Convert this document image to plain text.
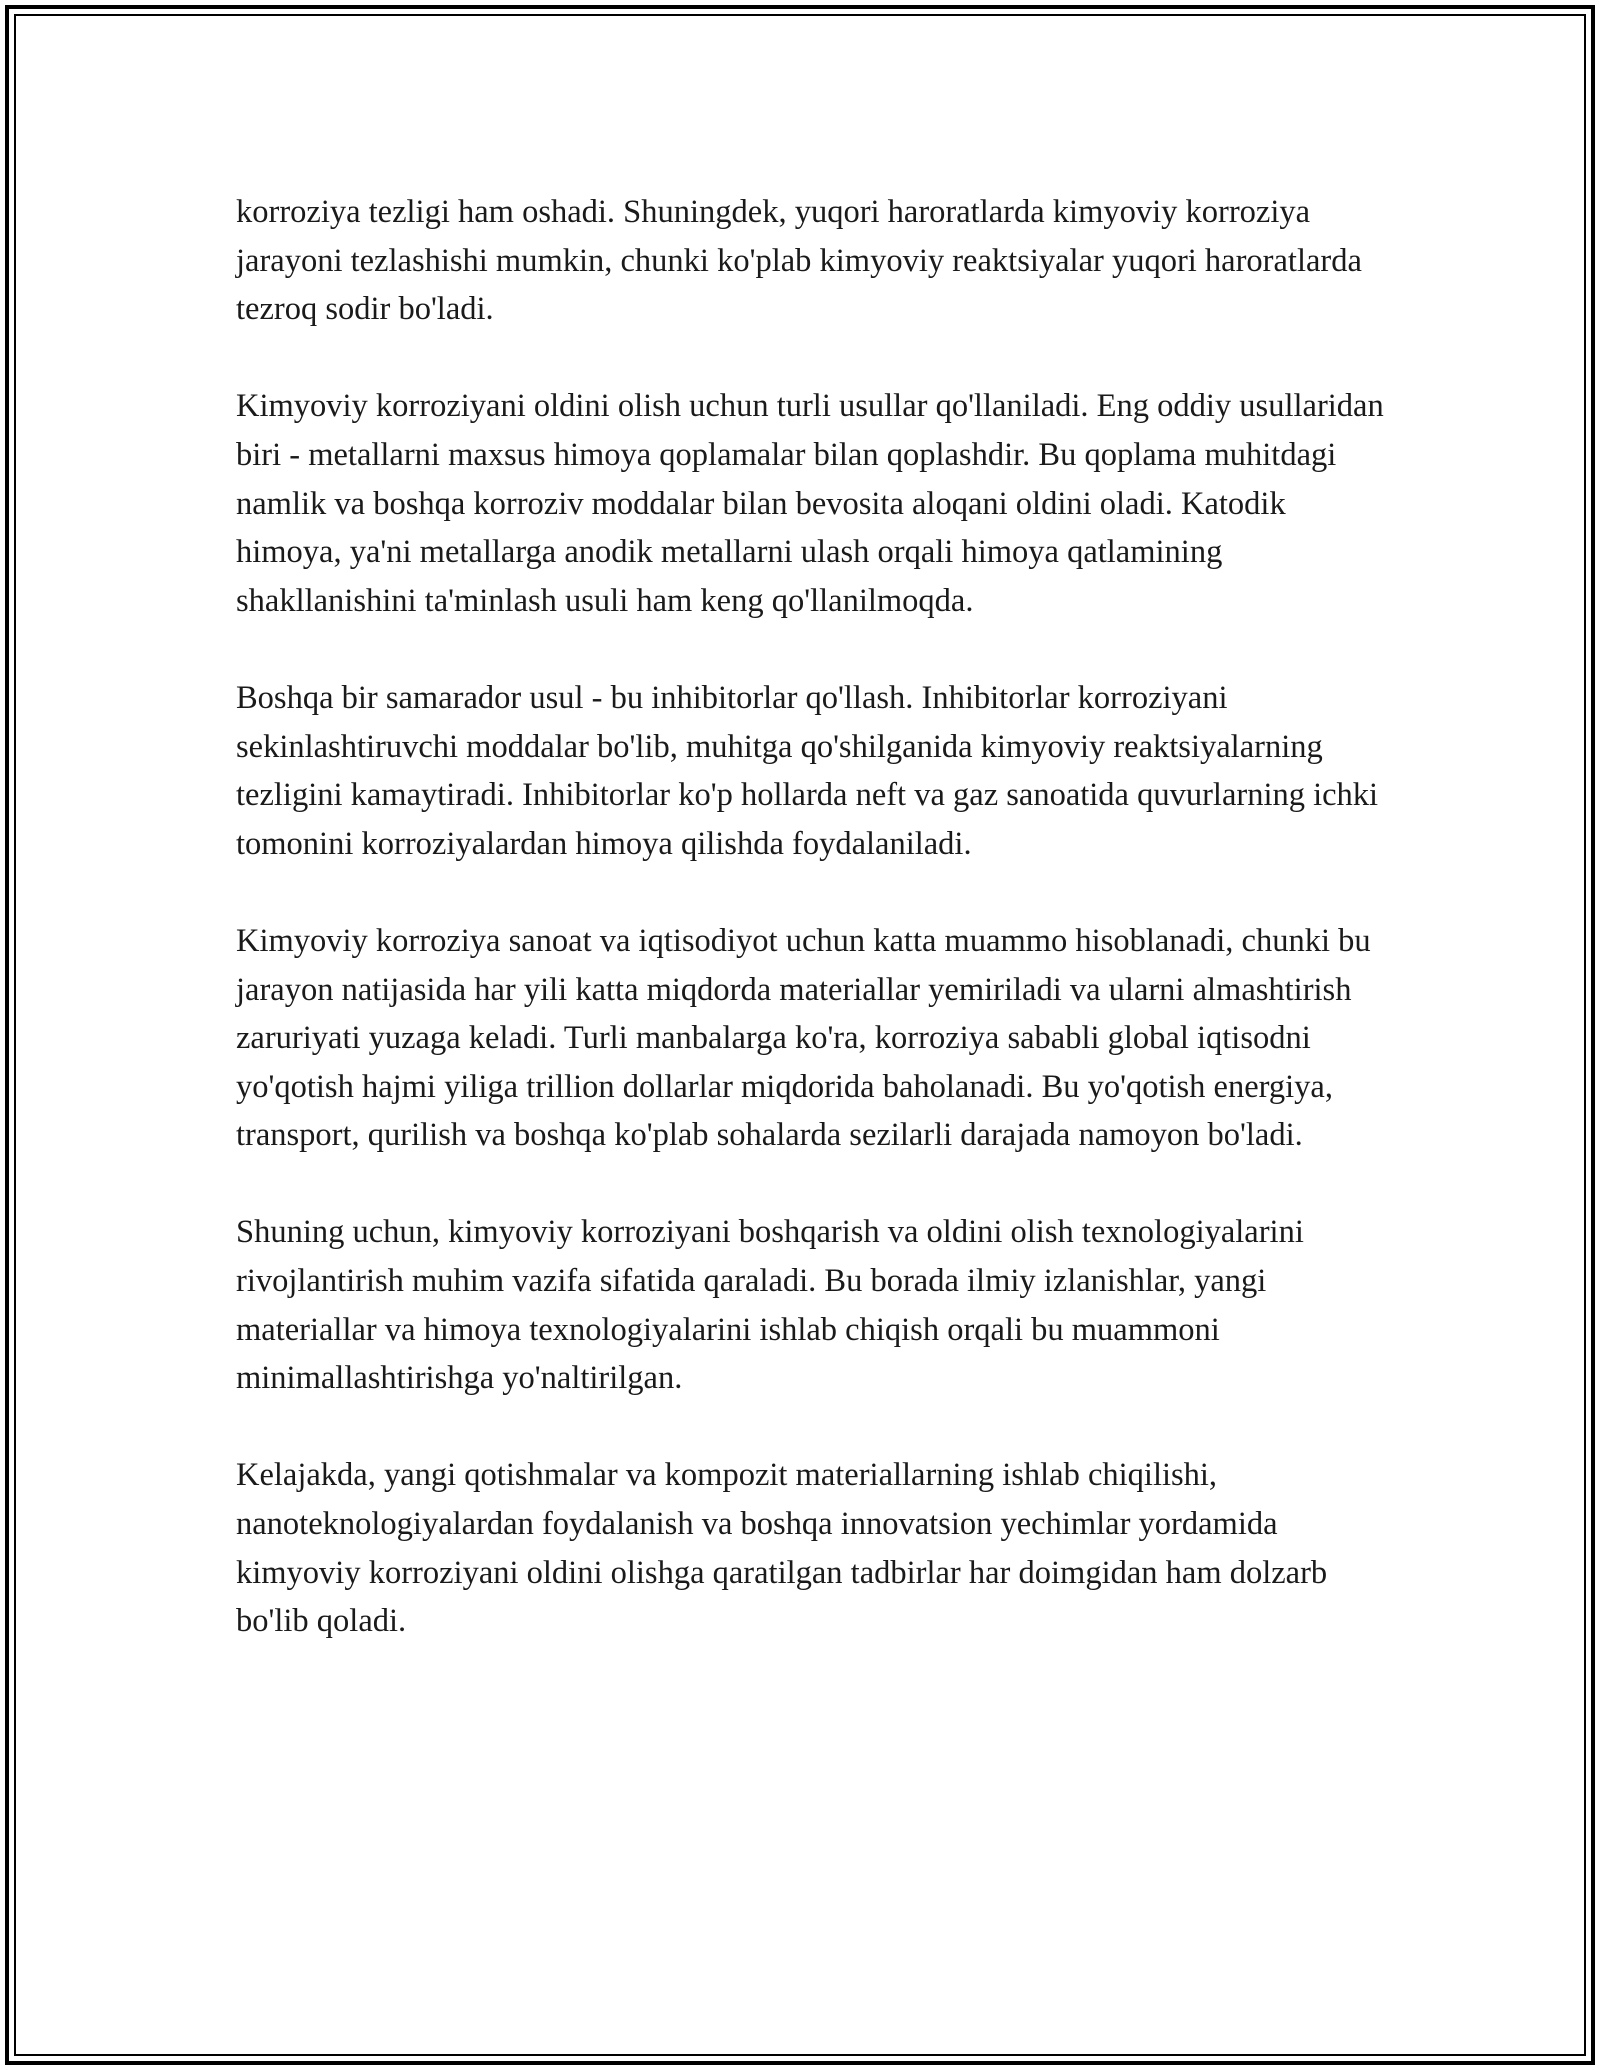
korroziya tezligi ham oshadi. Shuningdek, yuqori haroratlarda kimyoviy korroziya jarayoni tezlashishi mumkin, chunki ko'plab kimyoviy reaktsiyalar yuqori haroratlarda tezroq sodir bo'ladi.

Kimyoviy korroziyani oldini olish uchun turli usullar qo'llaniladi. Eng oddiy usullaridan biri - metallarni maxsus himoya qoplamalar bilan qoplashdir. Bu qoplama muhitdagi namlik va boshqa korroziv moddalar bilan bevosita aloqani oldini oladi. Katodik himoya, ya'ni metallarga anodik metallarni ulash orqali himoya qatlamining shakllanishini ta'minlash usuli ham keng qo'llanilmoqda.

Boshqa bir samarador usul - bu inhibitorlar qo'llash. Inhibitorlar korroziyani sekinlashtiruvchi moddalar bo'lib, muhitga qo'shilganida kimyoviy reaktsiyalarning tezligini kamaytiradi. Inhibitorlar ko'p hollarda neft va gaz sanoatida quvurlarning ichki tomonini korroziyalardan himoya qilishda foydalaniladi.

Kimyoviy korroziya sanoat va iqtisodiyot uchun katta muammo hisoblanadi, chunki bu jarayon natijasida har yili katta miqdorda materiallar yemiriladi va ularni almashtirish zaruriyati yuzaga keladi. Turli manbalarga ko'ra, korroziya sababli global iqtisodni yo'qotish hajmi yiliga trillion dollarlar miqdorida baholanadi. Bu yo'qotish energiya, transport, qurilish va boshqa ko'plab sohalarda sezilarli darajada namoyon bo'ladi.

Shuning uchun, kimyoviy korroziyani boshqarish va oldini olish texnologiyalarini rivojlantirish muhim vazifa sifatida qaraladi. Bu borada ilmiy izlanishlar, yangi materiallar va himoya texnologiyalarini ishlab chiqish orqali bu muammoni minimallashtirishga yo'naltirilgan.

Kelajakda, yangi qotishmalar va kompozit materiallarning ishlab chiqilishi, nanoteknologiyalardan foydalanish va boshqa innovatsion yechimlar yordamida kimyoviy korroziyani oldini olishga qaratilgan tadbirlar har doimgidan ham dolzarb bo'lib qoladi.
